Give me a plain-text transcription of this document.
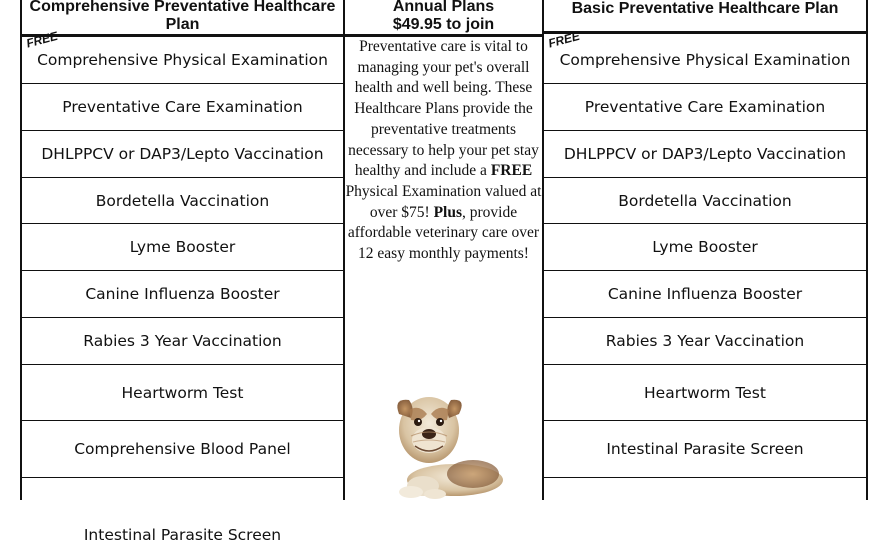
Comprehensive Preventative Healthcare
Plan
FREE
Comprehensive Physical Examination
Preventative Care Examination
DHLPPCV or DAP3/Lepto Vaccination
Bordetella Vaccination
Lyme Booster
Canine Influenza Booster
Rabies 3 Year Vaccination
Heartworm Test
Comprehensive Blood Panel
Intestinal Parasite Screen
Annual Plans
$49.95 to join
Preventative care is vital to managing your pet's overall health and well being. These Healthcare Plans provide the preventative treatments necessary to help your pet stay healthy and include a FREE Physical Examination valued at over $75! Plus, provide affordable veterinary care over 12 easy monthly payments!
Basic Preventative Healthcare Plan
FREE
Comprehensive Physical Examination
Preventative Care Examination
DHLPPCV or DAP3/Lepto Vaccination
Bordetella Vaccination
Lyme Booster
Canine Influenza Booster
Rabies 3 Year Vaccination
Heartworm Test
Intestinal Parasite Screen
